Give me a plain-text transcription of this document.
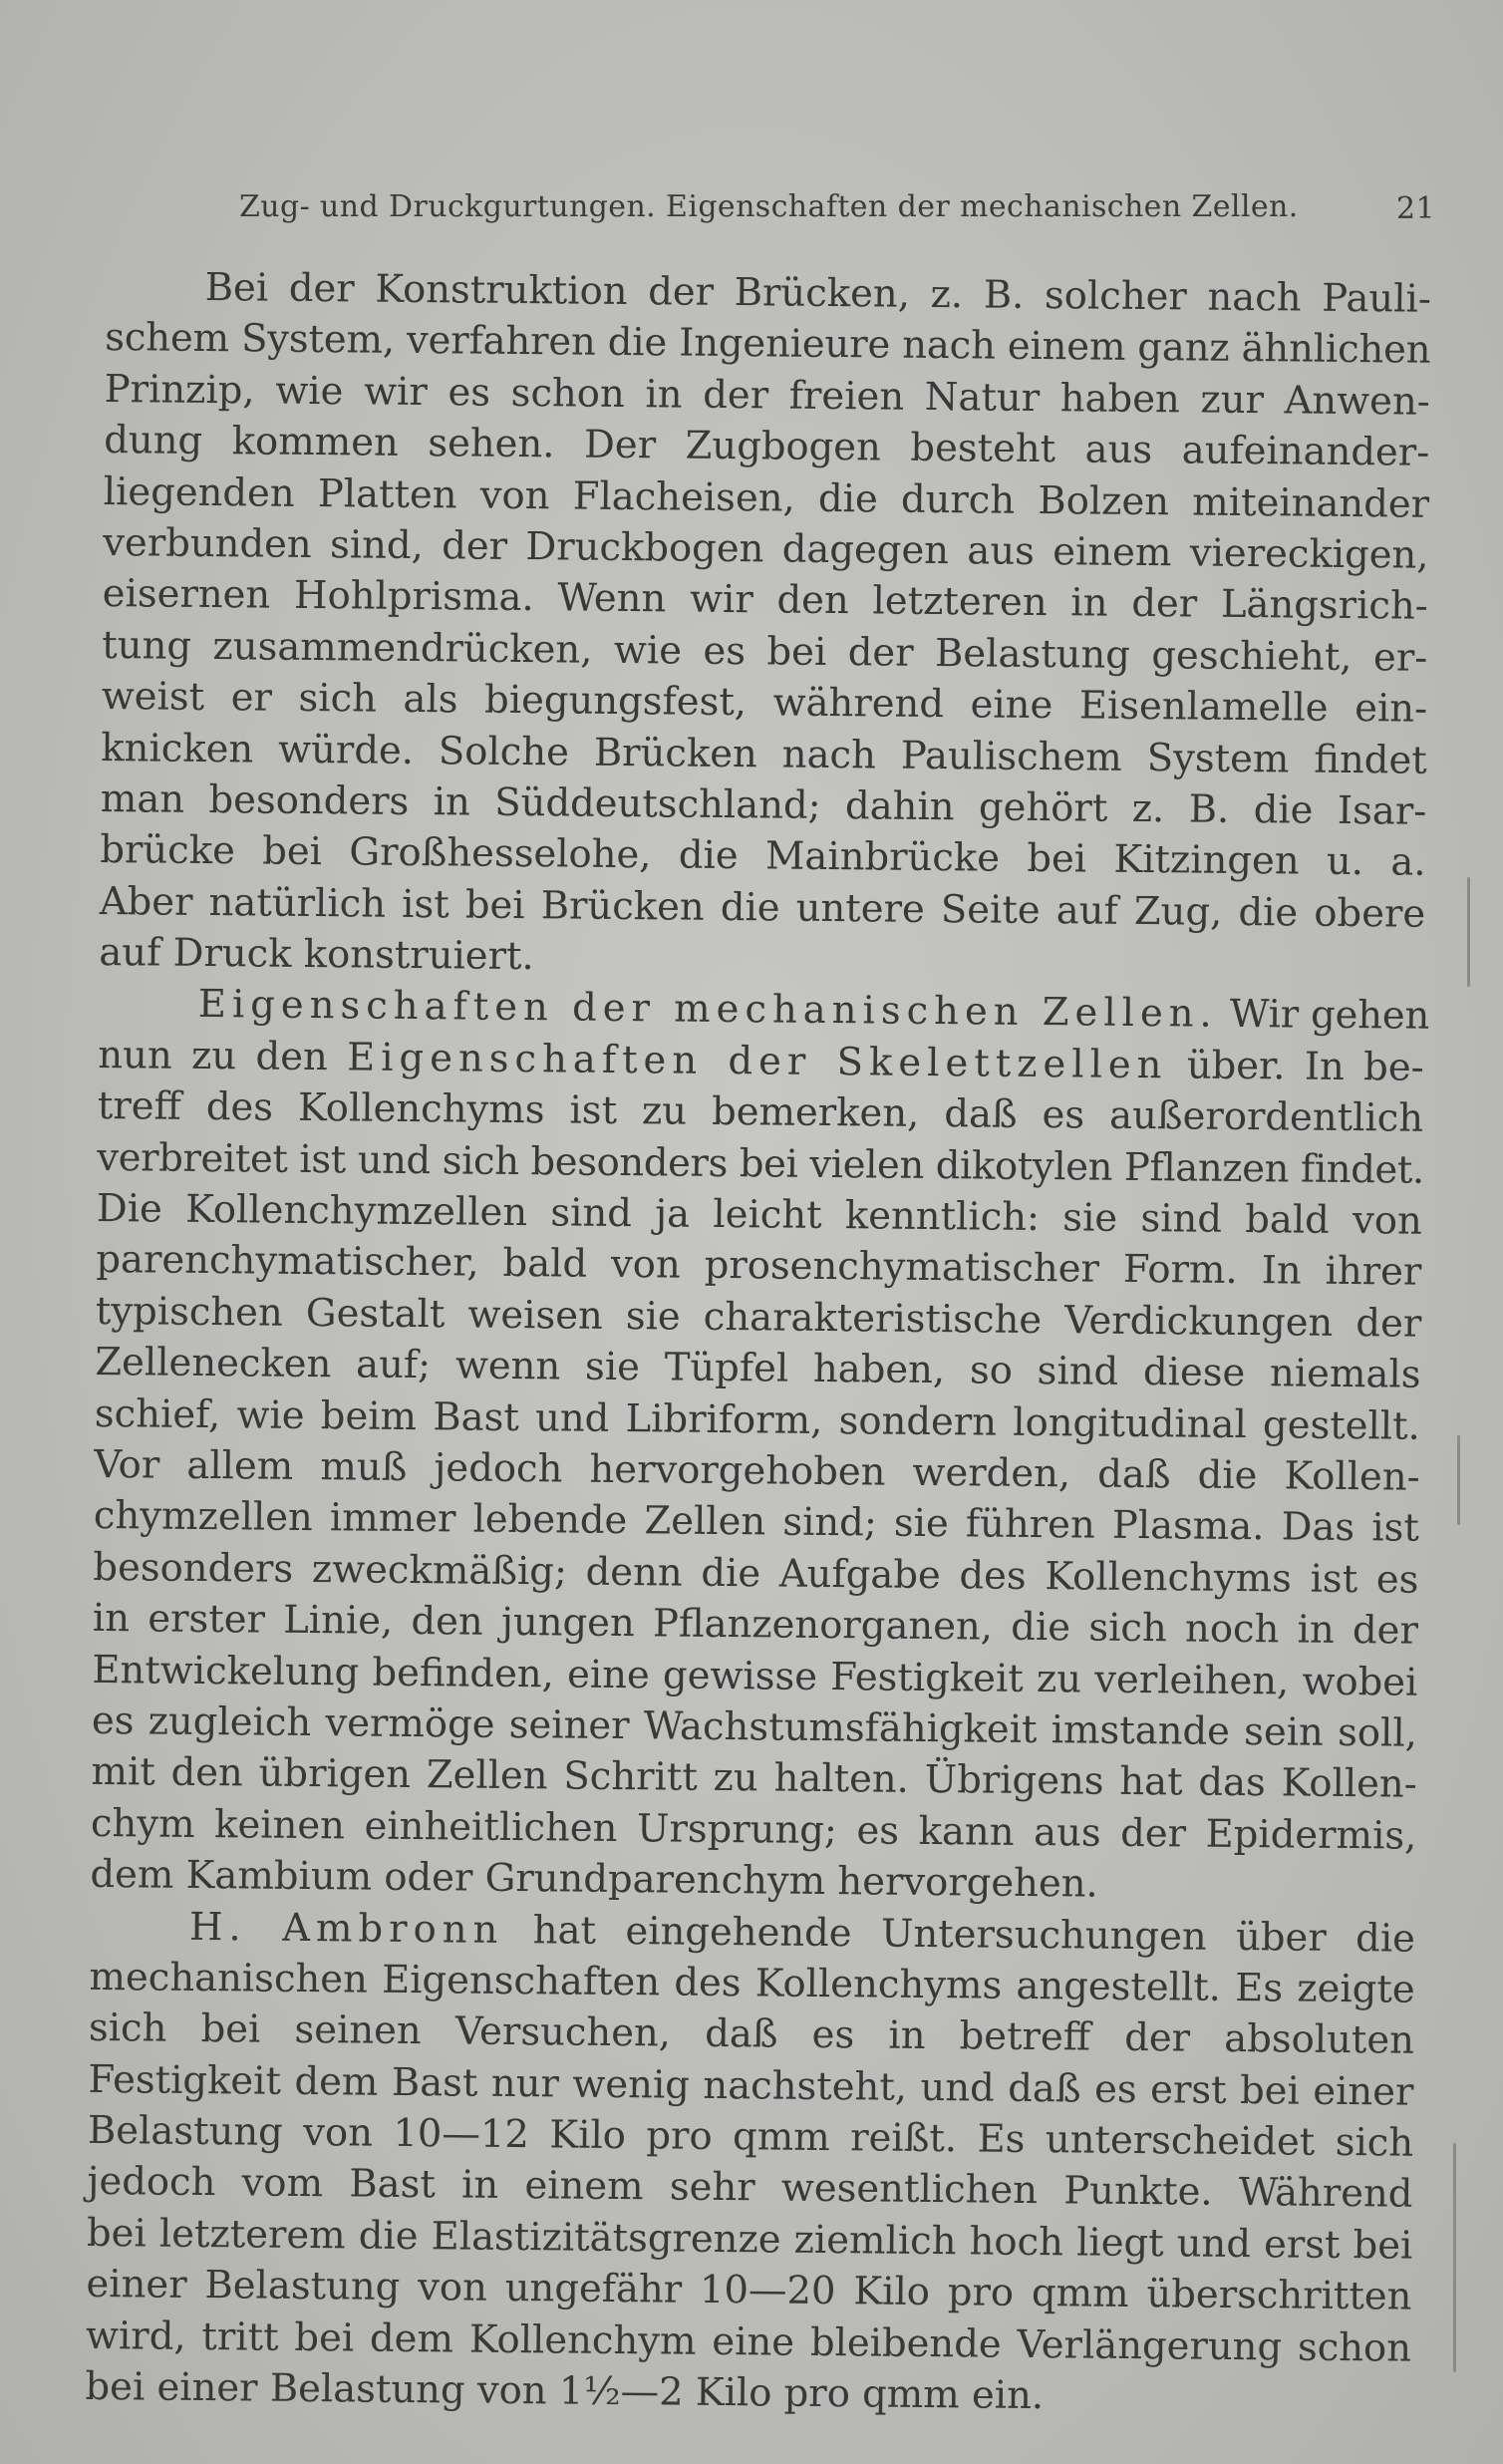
Zug- und Druckgurtungen. Eigenschaften der mechanischen Zellen.	21
Bei der Konstruktion der Brücken, z. B. solcher nach Pauli-
schem System, verfahren die Ingenieure nach einem ganz ähnlichen
Prinzip, wie wir es schon in der freien Natur haben zur Anwen-
dung kommen sehen. Der Zugbogen besteht aus aufeinander-
liegenden Platten von Flacheisen, die durch Bolzen miteinander
verbunden sind, der Druckbogen dagegen aus einem viereckigen,
eisernen Hohlprisma. Wenn wir den letzteren in der Längsrich-
tung zusammendrücken, wie es bei der Belastung geschieht, er-
weist er sich als biegungsfest, während eine Eisenlamelle ein-
knicken würde. Solche Brücken nach Paulischem System findet
man besonders in Süddeutschland; dahin gehört z. B. die Isar-
brücke bei Großhesselohe, die Mainbrücke bei Kitzingen u. a.
Aber natürlich ist bei Brücken die untere Seite auf Zug, die obere
auf Druck konstruiert.
Eigenschaften der mechanischen Zellen. Wir gehen
nun zu den Eigenschaften der Skelettzellen über. In be-
treff des Kollenchyms ist zu bemerken, daß es außerordentlich
verbreitet ist und sich besonders bei vielen dikotylen Pflanzen findet.
Die Kollenchymzellen sind ja leicht kenntlich: sie sind bald von
parenchymatischer, bald von prosenchymatischer Form. In ihrer
typischen Gestalt weisen sie charakteristische Verdickungen der
Zellenecken auf; wenn sie Tüpfel haben, so sind diese niemals
schief, wie beim Bast und Libriform, sondern longitudinal gestellt.
Vor allem muß jedoch hervorgehoben werden, daß die Kollen-
chymzellen immer lebende Zellen sind; sie führen Plasma. Das ist
besonders zweckmäßig; denn die Aufgabe des Kollenchyms ist es
in erster Linie, den jungen Pflanzenorganen, die sich noch in der
Entwickelung befinden, eine gewisse Festigkeit zu verleihen, wobei
es zugleich vermöge seiner Wachstumsfähigkeit imstande sein soll,
mit den übrigen Zellen Schritt zu halten. Übrigens hat das Kollen-
chym keinen einheitlichen Ursprung; es kann aus der Epidermis,
dem Kambium oder Grundparenchym hervorgehen.
H. Ambronn hat eingehende Untersuchungen über die
mechanischen Eigenschaften des Kollenchyms angestellt. Es zeigte
sich bei seinen Versuchen, daß es in betreff der absoluten
Festigkeit dem Bast nur wenig nachsteht, und daß es erst bei einer
Belastung von 10—12 Kilo pro qmm reißt. Es unterscheidet sich
jedoch vom Bast in einem sehr wesentlichen Punkte. Während
bei letzterem die Elastizitätsgrenze ziemlich hoch liegt und erst bei
einer Belastung von ungefähr 10—20 Kilo pro qmm überschritten
wird, tritt bei dem Kollenchym eine bleibende Verlängerung schon
bei einer Belastung von 1½—2 Kilo pro qmm ein.
